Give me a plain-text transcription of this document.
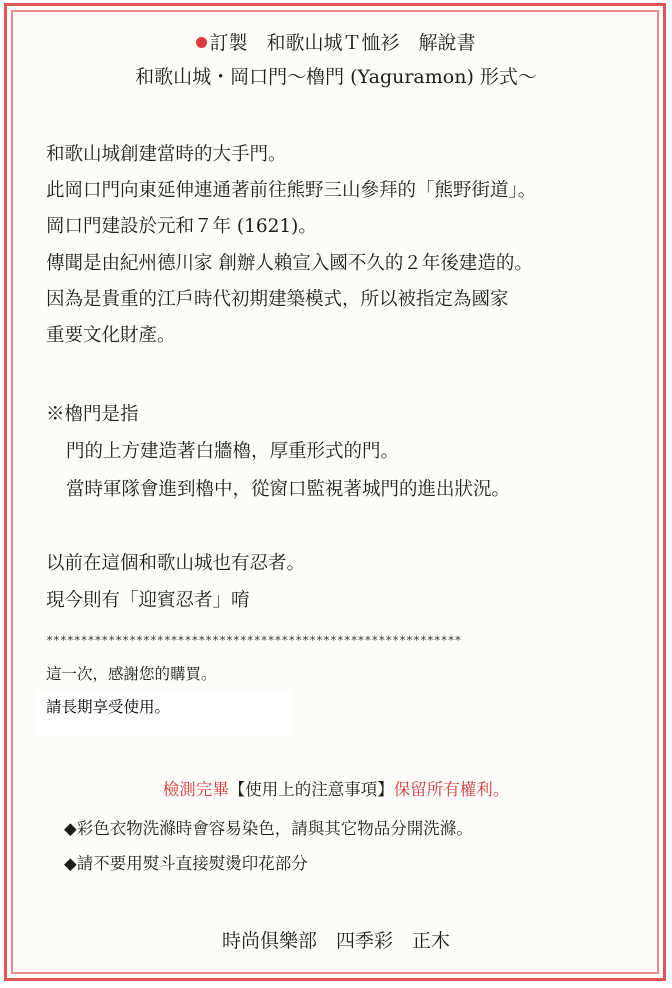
訂製　和歌山城Ｔ恤衫　解說書
和歌山城・岡口門～櫓門 (Yaguramon) 形式～
和歌山城創建當時的大手門。
此岡口門向東延伸連通著前往熊野三山參拜的「熊野街道」。
岡口門建設於元和７年 (1621)。
傳聞是由紀州德川家 創辦人賴宣入國不久的２年後建造的。
因為是貴重的江戶時代初期建築模式，所以被指定為國家
重要文化財產。
※櫓門是指
門的上方建造著白牆櫓，厚重形式的門。
當時軍隊會進到櫓中，從窗口監視著城門的進出狀況。
以前在這個和歌山城也有忍者。
現今則有「迎賓忍者」唷
************************************************************
這一次，感謝您的購買。
請長期享受使用。
檢測完畢【使用上的注意事項】保留所有權利。
◆彩色衣物洗滌時會容易染色，請與其它物品分開洗滌。
◆請不要用熨斗直接熨燙印花部分
時尚俱樂部　四季彩　正木
